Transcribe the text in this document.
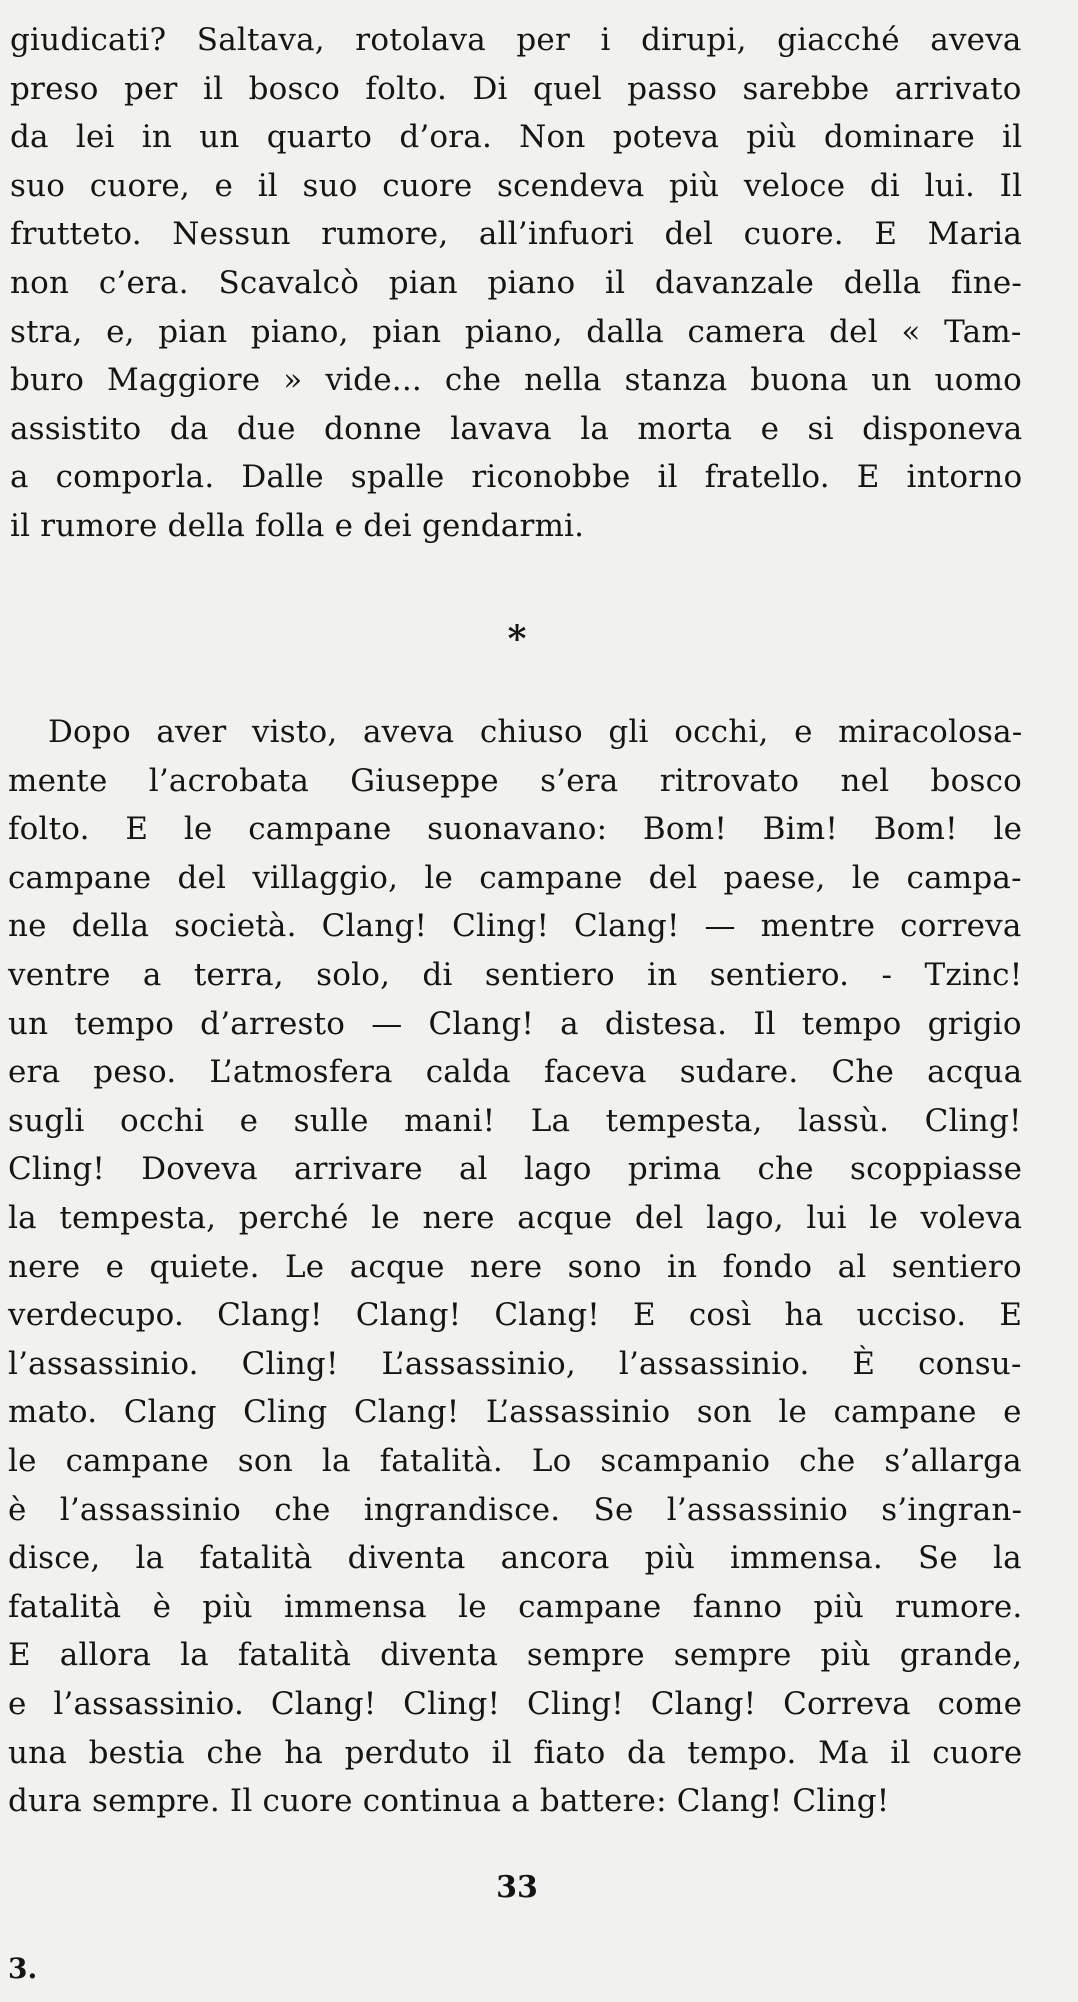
giudicati? Saltava, rotolava per i dirupi, giacché aveva
preso per il bosco folto. Di quel passo sarebbe arrivato
da lei in un quarto d’ora. Non poteva più dominare il
suo cuore, e il suo cuore scendeva più veloce di lui. Il
frutteto. Nessun rumore, all’infuori del cuore. E Maria
non c’era. Scavalcò pian piano il davanzale della fine-
stra, e, pian piano, pian piano, dalla camera del « Tam-
buro Maggiore » vide... che nella stanza buona un uomo
assistito da due donne lavava la morta e si disponeva
a comporla. Dalle spalle riconobbe il fratello. E intorno
il rumore della folla e dei gendarmi.
*
Dopo aver visto, aveva chiuso gli occhi, e miracolosa-
mente l’acrobata Giuseppe s’era ritrovato nel bosco
folto. E le campane suonavano: Bom! Bim! Bom! le
campane del villaggio, le campane del paese, le campa-
ne della società. Clang! Cling! Clang! — mentre correva
ventre a terra, solo, di sentiero in sentiero. - Tzinc!
un tempo d’arresto — Clang! a distesa. Il tempo grigio
era peso. L’atmosfera calda faceva sudare. Che acqua
sugli occhi e sulle mani! La tempesta, lassù. Cling!
Cling! Doveva arrivare al lago prima che scoppiasse
la tempesta, perché le nere acque del lago, lui le voleva
nere e quiete. Le acque nere sono in fondo al sentiero
verdecupo. Clang! Clang! Clang! E così ha ucciso. E
l’assassinio. Cling! L’assassinio, l’assassinio. È consu-
mato. Clang Cling Clang! L’assassinio son le campane e
le campane son la fatalità. Lo scampanio che s’allarga
è l’assassinio che ingrandisce. Se l’assassinio s’ingran-
disce, la fatalità diventa ancora più immensa. Se la
fatalità è più immensa le campane fanno più rumore.
E allora la fatalità diventa sempre sempre più grande,
e l’assassinio. Clang! Cling! Cling! Clang! Correva come
una bestia che ha perduto il fiato da tempo. Ma il cuore
dura sempre. Il cuore continua a battere: Clang! Cling!
33
3.
